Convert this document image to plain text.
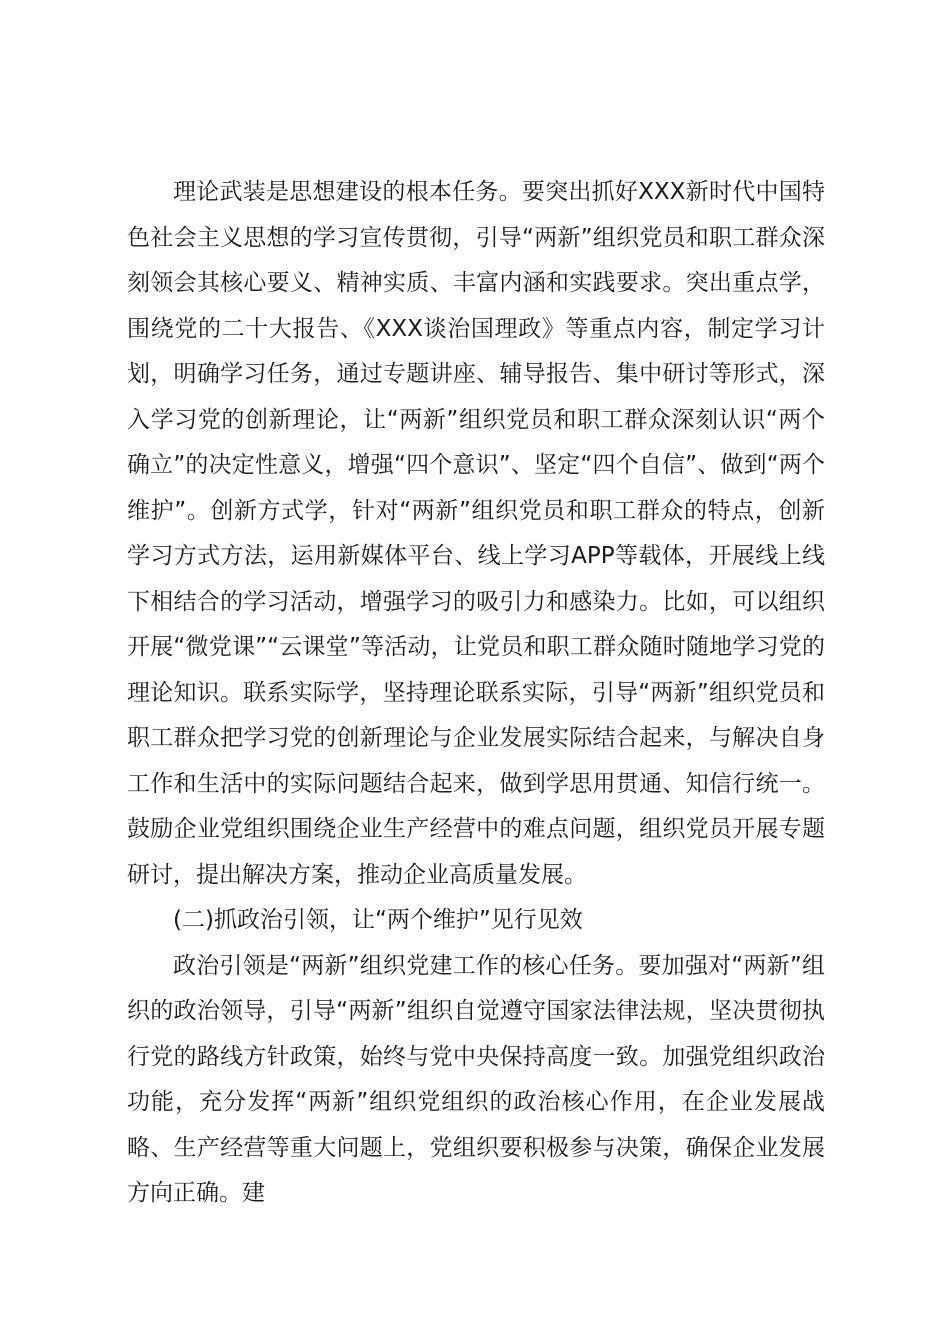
理论武装是思想建设的根本任务。要突出抓好XXX新时代中国特色社会主义思想的学习宣传贯彻，引导“两新”组织党员和职工群众深刻领会其核心要义、精神实质、丰富内涵和实践要求。突出重点学，围绕党的二十大报告、《XXX谈治国理政》等重点内容，制定学习计划，明确学习任务，通过专题讲座、辅导报告、集中研讨等形式，深入学习党的创新理论，让“两新”组织党员和职工群众深刻认识“两个确立”的决定性意义，增强“四个意识”、坚定“四个自信”、做到“两个维护”。创新方式学，针对“两新”组织党员和职工群众的特点，创新学习方式方法，运用新媒体平台、线上学习APP等载体，开展线上线下相结合的学习活动，增强学习的吸引力和感染力。比如，可以组织开展“微党课”“云课堂”等活动，让党员和职工群众随时随地学习党的理论知识。联系实际学，坚持理论联系实际，引导“两新”组织党员和职工群众把学习党的创新理论与企业发展实际结合起来，与解决自身工作和生活中的实际问题结合起来，做到学思用贯通、知信行统一。鼓励企业党组织围绕企业生产经营中的难点问题，组织党员开展专题研讨，提出解决方案，推动企业高质量发展。

(二)抓政治引领，让“两个维护”见行见效

政治引领是“两新”组织党建工作的核心任务。要加强对“两新”组织的政治领导，引导“两新”组织自觉遵守国家法律法规，坚决贯彻执行党的路线方针政策，始终与党中央保持高度一致。加强党组织政治功能，充分发挥“两新”组织党组织的政治核心作用，在企业发展战略、生产经营等重大问题上，党组织要积极参与决策，确保企业发展方向正确。建
